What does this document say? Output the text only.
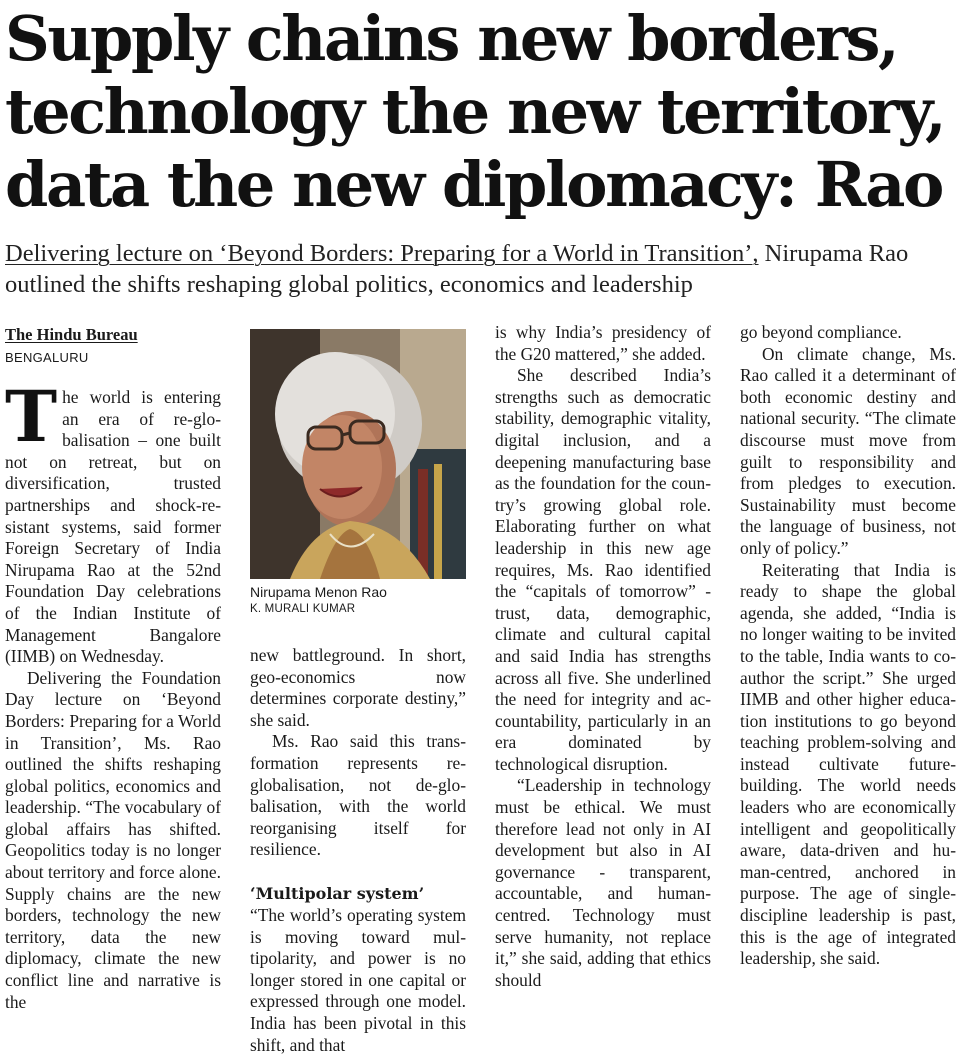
Supply chains new borders, technology the new territory, data the new diplomacy: Rao

Delivering lecture on ‘Beyond Borders: Preparing for a World in Transition’, Nirupama Rao outlined the shifts reshaping global politics, economics and leadership

The Hindu Bureau
BENGALURU

The world is entering an era of re-globalisation – one built not on retreat, but on diversification, trusted partnerships and shock-resistant systems, said former Foreign Secretary of India Nirupama Rao at the 52nd Foundation Day celebrations of the Indian Institute of Management Bangalore (IIMB) on Wednesday.

Delivering the Foundation Day lecture on ‘Beyond Borders: Preparing for a World in Transition’, Ms. Rao outlined the shifts reshaping global politics, economics and leadership. “The vocabulary of global affairs has shifted. Geopolitics today is no longer about territory and force alone. Supply chains are the new borders, technology the new territory, data the new diplomacy, climate the new conflict line and narrative is the

Nirupama Menon Rao
K. MURALI KUMAR

new battleground. In short, geo-economics now determines corporate destiny,” she said.

Ms. Rao said this transformation represents reglobalisation, not de-globalisation, with the world reorganising itself for resilience.

‘Multipolar system’

“The world’s operating system is moving toward multipolarity, and power is no longer stored in one capital or expressed through one model. India has been pivotal in this shift, and that

is why India’s presidency of the G20 mattered,” she added.

She described India’s strengths such as democratic stability, demographic vitality, digital inclusion, and a deepening manufacturing base as the foundation for the country’s growing global role. Elaborating further on what leadership in this new age requires, Ms. Rao identified the “capitals of tomorrow” - trust, data, demographic, climate and cultural capital and said India has strengths across all five. She underlined the need for integrity and accountability, particularly in an era dominated by technological disruption.

“Leadership in technology must be ethical. We must therefore lead not only in AI development but also in AI governance - transparent, accountable, and human-centred. Technology must serve humanity, not replace it,” she said, adding that ethics should

go beyond compliance.

On climate change, Ms. Rao called it a determinant of both economic destiny and national security. “The climate discourse must move from guilt to responsibility and from pledges to execution. Sustainability must become the language of business, not only of policy.”

Reiterating that India is ready to shape the global agenda, she added, “India is no longer waiting to be invited to the table, India wants to co-author the script.” She urged IIMB and other higher education institutions to go beyond teaching problem-solving and instead cultivate future-building. The world needs leaders who are economically intelligent and geopolitically aware, data-driven and human-centred, anchored in purpose. The age of single-discipline leadership is past, this is the age of integrated leadership, she said.
